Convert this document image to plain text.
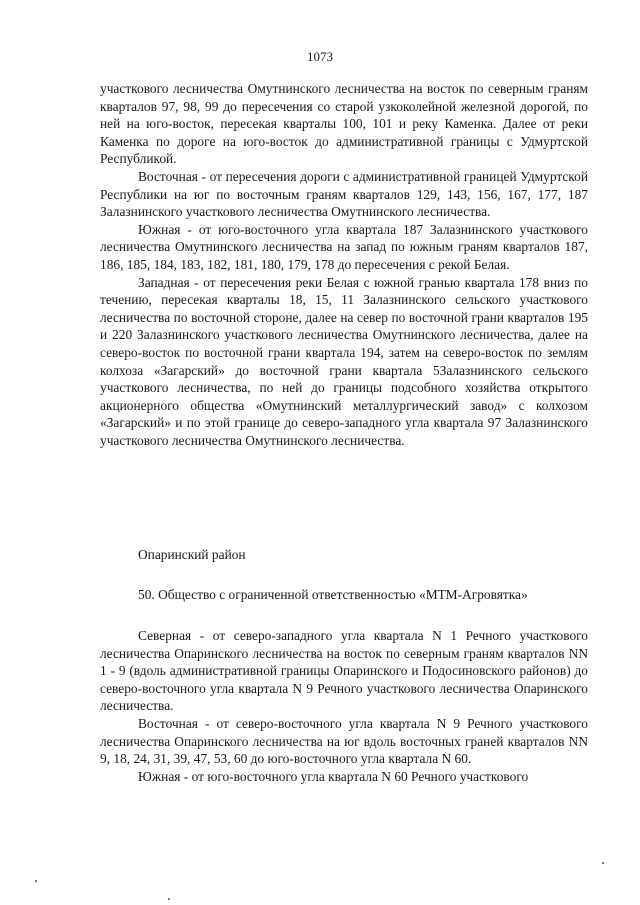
1073

участкового лесничества Омутнинского лесничества на восток по северным граням кварталов 97, 98, 99 до пересечения со старой узкоколейной железной дорогой, по ней на юго-восток, пересекая кварталы 100, 101 и реку Каменка. Далее от реки Каменка по дороге на юго-восток до административной границы с Удмуртской Республикой.

Восточная - от пересечения дороги с административной границей Удмуртской Республики на юг по восточным граням кварталов 129, 143, 156, 167, 177, 187 Залазнинского участкового лесничества Омутнинского лесничества.

Южная - от юго-восточного угла квартала 187 Залазнинского участкового лесничества Омутнинского лесничества на запад по южным граням кварталов 187, 186, 185, 184, 183, 182, 181, 180, 179, 178 до пересечения с рекой Белая.

Западная - от пересечения реки Белая с южной гранью квартала 178 вниз по течению, пересекая кварталы 18, 15, 11 Залазнинского сельского участкового лесничества по восточной стороне, далее на север по восточной грани кварталов 195 и 220 Залазнинского участкового лесничества Омутнинского лесничества, далее на северо-восток по восточной грани квартала 194, затем на северо-восток по землям колхоза «Загарский» до восточной грани квартала 5Залазнинского сельского участкового лесничества, по ней до границы подсобного хозяйства открытого акционерного общества «Омутнинский металлургический завод» с колхозом «Загарский» и по этой границе до северо-западного угла квартала 97 Залазнинского участкового лесничества Омутнинского лесничества.

Опаринский район

50. Общество с ограниченной ответственностью «МТМ-Агровятка»

Северная - от северо-западного угла квартала N 1 Речного участкового лесничества Опаринского лесничества на восток по северным граням кварталов NN 1 - 9 (вдоль административной границы Опаринского и Подосиновского районов) до северо-восточного угла квартала N 9 Речного участкового лесничества Опаринского лесничества.

Восточная - от северо-восточного угла квартала N 9 Речного участкового лесничества Опаринского лесничества на юг вдоль восточных граней кварталов NN 9, 18, 24, 31, 39, 47, 53, 60 до юго-восточного угла квартала N 60.

Южная - от юго-восточного угла квартала N 60 Речного участкового
